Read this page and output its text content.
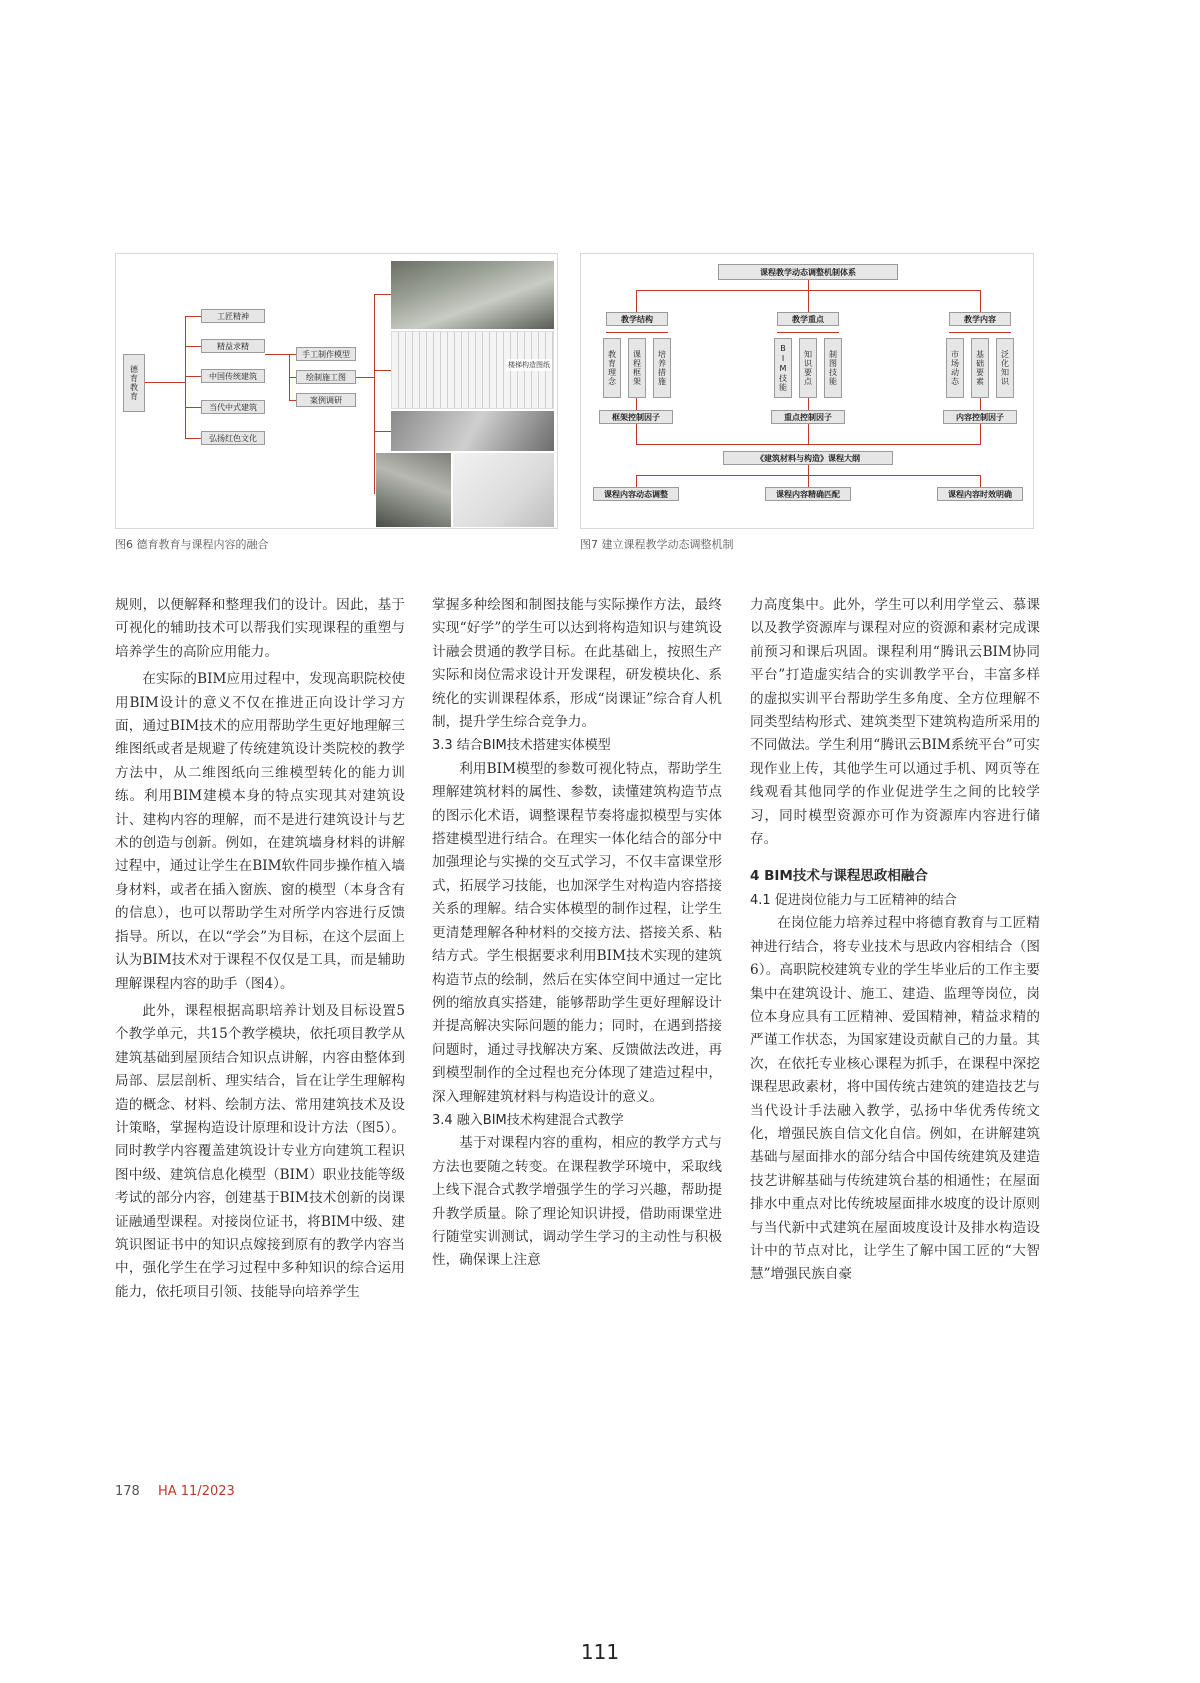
德育教育
工匠精神
精益求精
中国传统建筑
当代中式建筑
弘扬红色文化
手工制作模型
绘制施工图
案例调研
楼梯构造图纸
图6 德育教育与课程内容的融合
课程教学动态调整机制体系
教学结构	教学重点	教学内容
教育理念	课程框架	培养措施	BIM技能	知识要点	制图技能	市场动态	基础要素	泛化知识
框架控制因子	重点控制因子	内容控制因子
《建筑材料与构造》课程大纲
课程内容动态调整	课程内容精确匹配	课程内容时效明确
图7 建立课程教学动态调整机制

规则，以便解释和整理我们的设计。因此，基于可视化的辅助技术可以帮我们实现课程的重塑与培养学生的高阶应用能力。

在实际的BIM应用过程中，发现高职院校使用BIM设计的意义不仅在推进正向设计学习方面，通过BIM技术的应用帮助学生更好地理解三维图纸或者是规避了传统建筑设计类院校的教学方法中，从二维图纸向三维模型转化的能力训练。利用BIM建模本身的特点实现其对建筑设计、建构内容的理解，而不是进行建筑设计与艺术的创造与创新。例如，在建筑墙身材料的讲解过程中，通过让学生在BIM软件同步操作植入墙身材料，或者在插入窗族、窗的模型（本身含有的信息），也可以帮助学生对所学内容进行反馈指导。所以，在以“学会”为目标，在这个层面上认为BIM技术对于课程不仅仅是工具，而是辅助理解课程内容的助手（图4）。

此外，课程根据高职培养计划及目标设置5个教学单元，共15个教学模块，依托项目教学从建筑基础到屋顶结合知识点讲解，内容由整体到局部、层层剖析、理实结合，旨在让学生理解构造的概念、材料、绘制方法、常用建筑技术及设计策略，掌握构造设计原理和设计方法（图5）。同时教学内容覆盖建筑设计专业方向建筑工程识图中级、建筑信息化模型（BIM）职业技能等级考试的部分内容，创建基于BIM技术创新的岗课证融通型课程。对接岗位证书，将BIM中级、建筑识图证书中的知识点嫁接到原有的教学内容当中，强化学生在学习过程中多种知识的综合运用能力，依托项目引领、技能导向培养学生

掌握多种绘图和制图技能与实际操作方法，最终实现“好学”的学生可以达到将构造知识与建筑设计融会贯通的教学目标。在此基础上，按照生产实际和岗位需求设计开发课程，研发模块化、系统化的实训课程体系，形成“岗课证”综合育人机制，提升学生综合竞争力。

3.3 结合BIM技术搭建实体模型

利用BIM模型的参数可视化特点，帮助学生理解建筑材料的属性、参数，读懂建筑构造节点的图示化术语，调整课程节奏将虚拟模型与实体搭建模型进行结合。在理实一体化结合的部分中加强理论与实操的交互式学习，不仅丰富课堂形式，拓展学习技能，也加深学生对构造内容搭接关系的理解。结合实体模型的制作过程，让学生更清楚理解各种材料的交接方法、搭接关系、粘结方式。学生根据要求利用BIM技术实现的建筑构造节点的绘制，然后在实体空间中通过一定比例的缩放真实搭建，能够帮助学生更好理解设计并提高解决实际问题的能力；同时，在遇到搭接问题时，通过寻找解决方案、反馈做法改进，再到模型制作的全过程也充分体现了建造过程中，深入理解建筑材料与构造设计的意义。

3.4 融入BIM技术构建混合式教学

基于对课程内容的重构，相应的教学方式与方法也要随之转变。在课程教学环境中，采取线上线下混合式教学增强学生的学习兴趣，帮助提升教学质量。除了理论知识讲授，借助雨课堂进行随堂实训测试，调动学生学习的主动性与积极性，确保课上注意

力高度集中。此外，学生可以利用学堂云、慕课以及教学资源库与课程对应的资源和素材完成课前预习和课后巩固。课程利用“腾讯云BIM协同平台”打造虚实结合的实训教学平台，丰富多样的虚拟实训平台帮助学生多角度、全方位理解不同类型结构形式、建筑类型下建筑构造所采用的不同做法。学生利用“腾讯云BIM系统平台”可实现作业上传，其他学生可以通过手机、网页等在线观看其他同学的作业促进学生之间的比较学习，同时模型资源亦可作为资源库内容进行储存。

4 BIM技术与课程思政相融合

4.1 促进岗位能力与工匠精神的结合

在岗位能力培养过程中将德育教育与工匠精神进行结合，将专业技术与思政内容相结合（图6）。高职院校建筑专业的学生毕业后的工作主要集中在建筑设计、施工、建造、监理等岗位，岗位本身应具有工匠精神、爱国精神，精益求精的严谨工作状态，为国家建设贡献自己的力量。其次，在依托专业核心课程为抓手，在课程中深挖课程思政素材，将中国传统古建筑的建造技艺与当代设计手法融入教学，弘扬中华优秀传统文化，增强民族自信文化自信。例如，在讲解建筑基础与屋面排水的部分结合中国传统建筑及建造技艺讲解基础与传统建筑台基的相通性；在屋面排水中重点对比传统坡屋面排水坡度的设计原则与当代新中式建筑在屋面坡度设计及排水构造设计中的节点对比，让学生了解中国工匠的“大智慧”增强民族自豪

178 HA 11/2023
111
